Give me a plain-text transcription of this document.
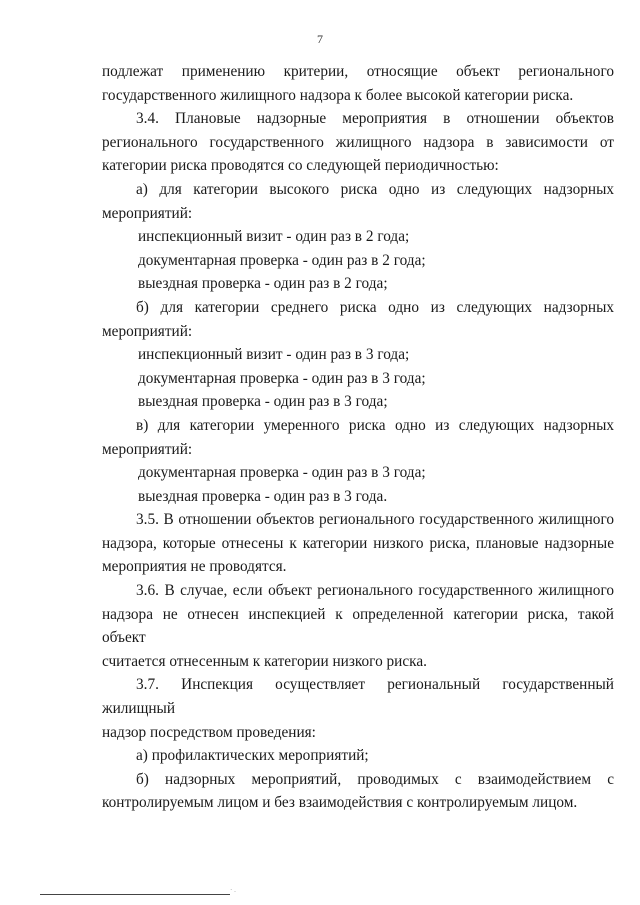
7

подлежат применению критерии, относящие объект регионального

государственного жилищного надзора к более высокой категории риска.

3.4. Плановые надзорные мероприятия в отношении объектов

регионального государственного жилищного надзора в зависимости от

категории риска проводятся со следующей периодичностью:

а) для категории высокого риска одно из следующих надзорных

мероприятий:

инспекционный визит - один раз в 2 года;

документарная проверка - один раз в 2 года;

выездная проверка - один раз в 2 года;

б) для категории среднего риска одно из следующих надзорных

мероприятий:

инспекционный визит - один раз в 3 года;

документарная проверка - один раз в 3 года;

выездная проверка - один раз в 3 года;

в) для категории умеренного риска одно из следующих надзорных

мероприятий:

документарная проверка - один раз в 3 года;

выездная проверка - один раз в 3 года.

3.5. В отношении объектов регионального государственного жилищного

надзора, которые отнесены к категории низкого риска, плановые надзорные

мероприятия не проводятся.

3.6. В случае, если объект регионального государственного жилищного

надзора не отнесен инспекцией к определенной категории риска, такой объект

считается отнесенным к категории низкого риска.

3.7. Инспекция осуществляет региональный государственный жилищный

надзор посредством проведения:

а) профилактических мероприятий;

б) надзорных мероприятий, проводимых с взаимодействием с

контролируемым лицом и без взаимодействия с контролируемым лицом.

· .
